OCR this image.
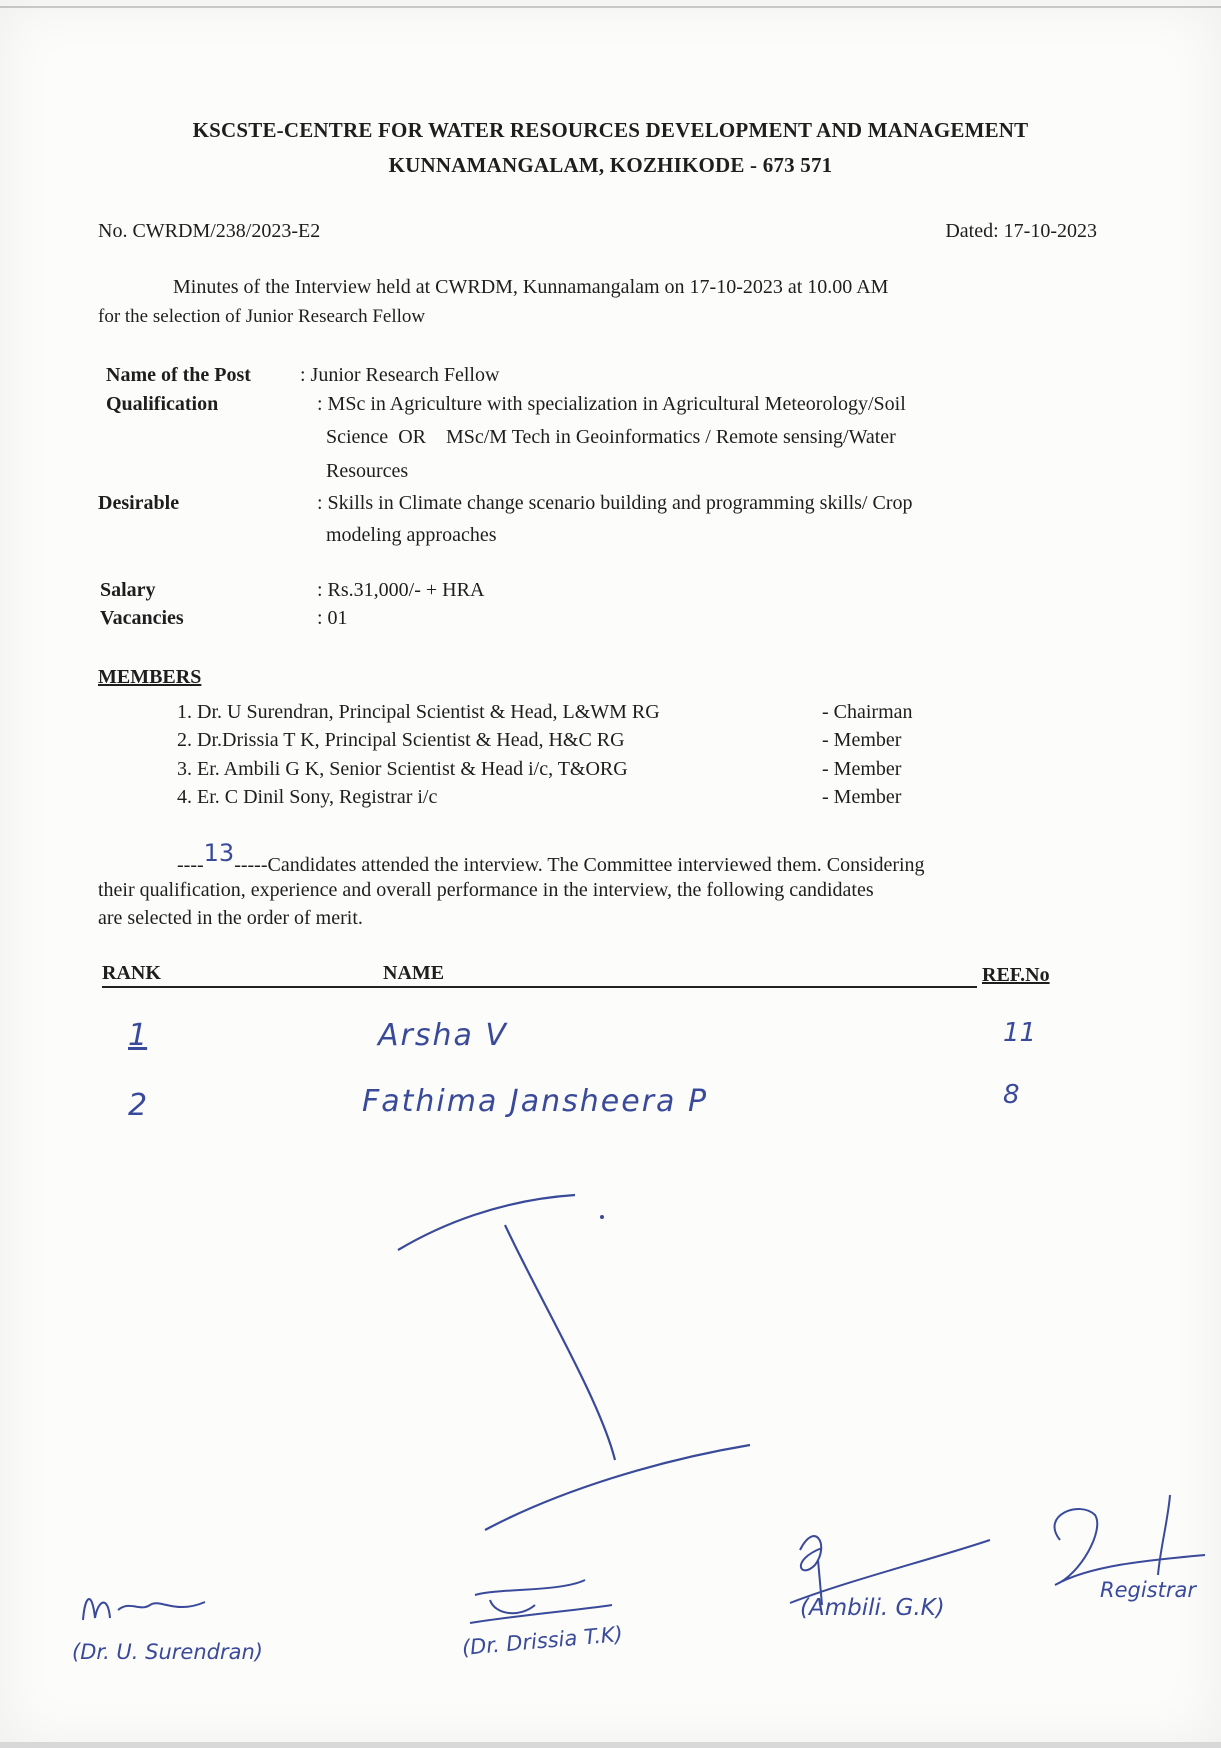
KSCSTE-CENTRE FOR WATER RESOURCES DEVELOPMENT AND MANAGEMENT
KUNNAMANGALAM, KOZHIKODE - 673 571
No. CWRDM/238/2023-E2	Dated: 17-10-2023
Minutes of the Interview held at CWRDM, Kunnamangalam on 17-10-2023 at 10.00 AM
for the selection of Junior Research Fellow
Name of the Post : Junior Research Fellow
Qualification	: MSc in Agriculture with specialization in Agricultural Meteorology/Soil
Science  OR    MSc/M Tech in Geoinformatics / Remote sensing/Water
Resources
Desirable	: Skills in Climate change scenario building and programming skills/ Crop
modeling approaches
Salary	: Rs.31,000/- + HRA
Vacancies	: 01
MEMBERS
1. Dr. U Surendran, Principal Scientist & Head, L&WM RG	- Chairman
2. Dr.Drissia T K, Principal Scientist & Head, H&C RG	- Member
3. Er. Ambili G K, Senior Scientist & Head i/c, T&ORG	- Member
4. Er. C Dinil Sony, Registrar i/c	- Member
----13-----Candidates attended the interview. The Committee interviewed them. Considering
their qualification, experience and overall performance in the interview, the following candidates
are selected in the order of merit.
RANK	NAME	REF.No
1	Arsha V	11
2	Fathima Jansheera P	8
(Dr. U. Surendran)	(Dr. Drissia T.K)
(Ambili. G.K)
Registrar
